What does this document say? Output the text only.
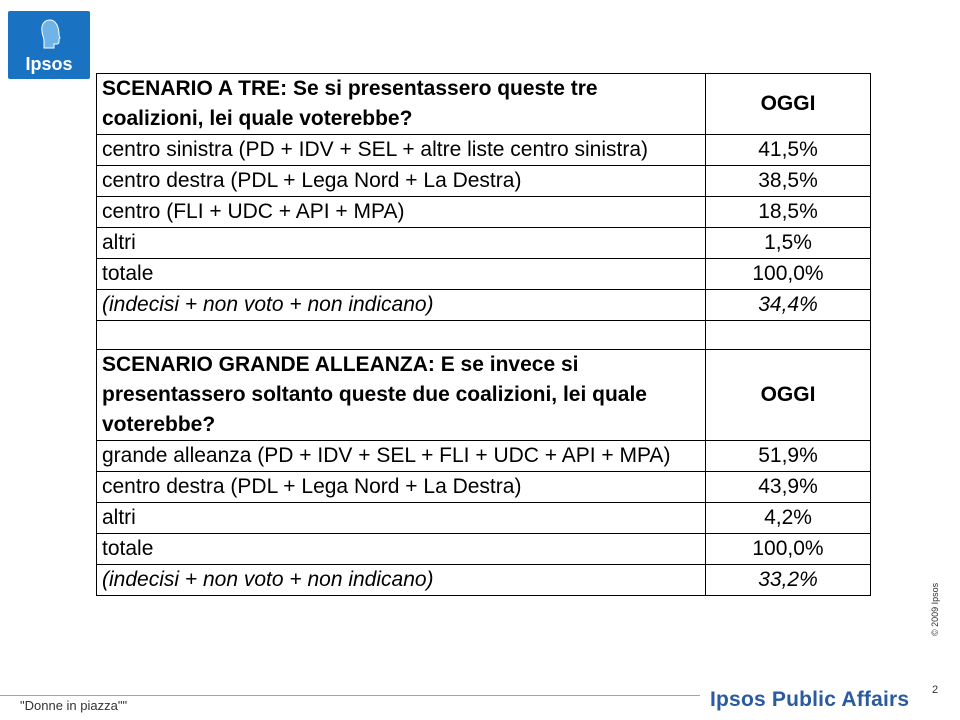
Ipsos
SCENARIO A TRE: Se si presentassero queste tre coalizioni, lei quale voterebbe?	OGGI
centro sinistra (PD + IDV + SEL + altre liste centro sinistra)	41,5%
centro destra (PDL + Lega Nord + La Destra)	38,5%
centro (FLI + UDC + API + MPA)	18,5%
altri	1,5%
totale	100,0%
(indecisi + non voto + non indicano)	34,4%

SCENARIO GRANDE ALLEANZA: E se invece si presentassero soltanto queste due coalizioni, lei quale voterebbe?	OGGI
grande alleanza (PD + IDV + SEL + FLI + UDC + API + MPA)	51,9%
centro destra (PDL + Lega Nord + La Destra)	43,9%
altri	4,2%
totale	100,0%
(indecisi + non voto + non indicano)	33,2%
© 2009 Ipsos
2
"Donne in piazza""	Ipsos Public Affairs
